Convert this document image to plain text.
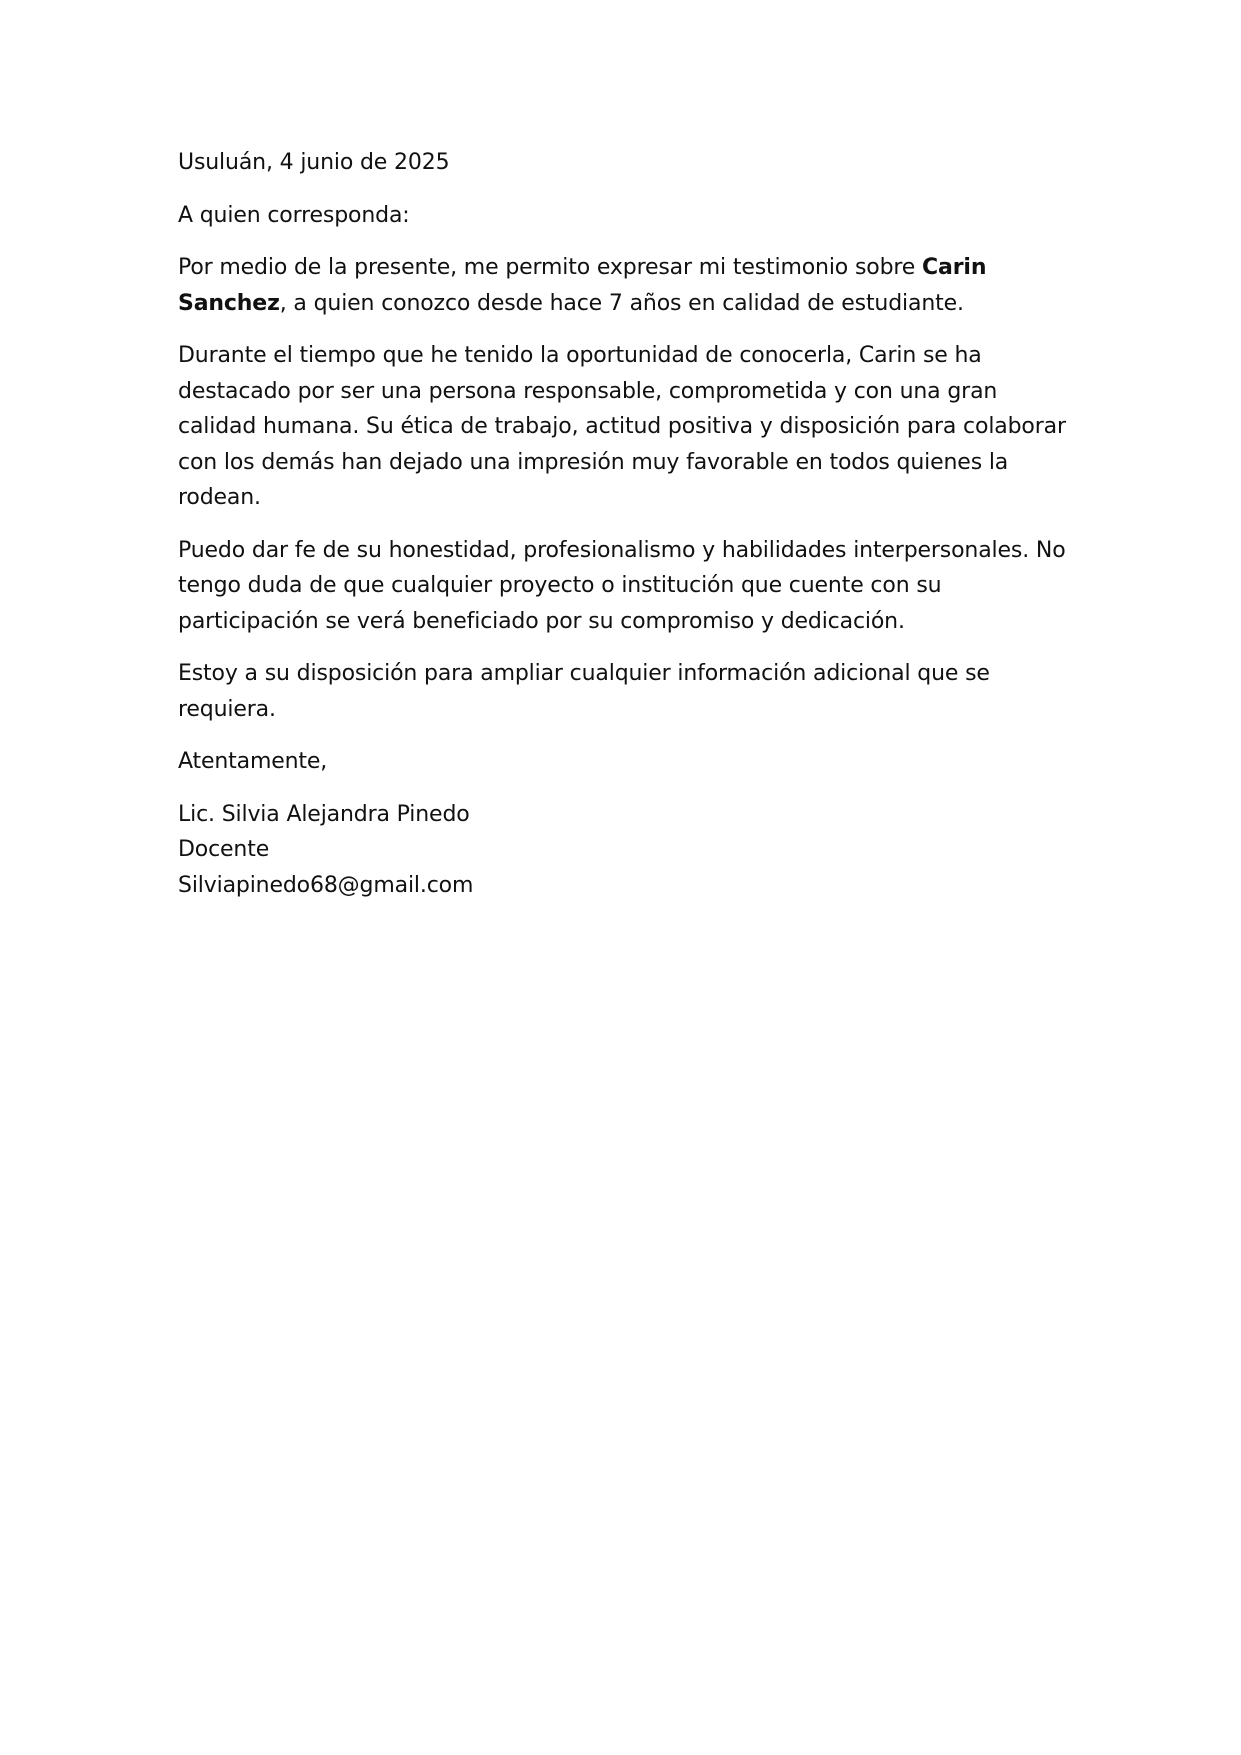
Usuluán, 4 junio de 2025

A quien corresponda:

Por medio de la presente, me permito expresar mi testimonio sobre Carin Sanchez, a quien conozco desde hace 7 años en calidad de estudiante.

Durante el tiempo que he tenido la oportunidad de conocerla, Carin se ha destacado por ser una persona responsable, comprometida y con una gran calidad humana. Su ética de trabajo, actitud positiva y disposición para colaborar con los demás han dejado una impresión muy favorable en todos quienes la rodean.

Puedo dar fe de su honestidad, profesionalismo y habilidades interpersonales. No tengo duda de que cualquier proyecto o institución que cuente con su participación se verá beneficiado por su compromiso y dedicación.

Estoy a su disposición para ampliar cualquier información adicional que se requiera.

Atentamente,

Lic. Silvia Alejandra Pinedo
Docente
Silviapinedo68@gmail.com
